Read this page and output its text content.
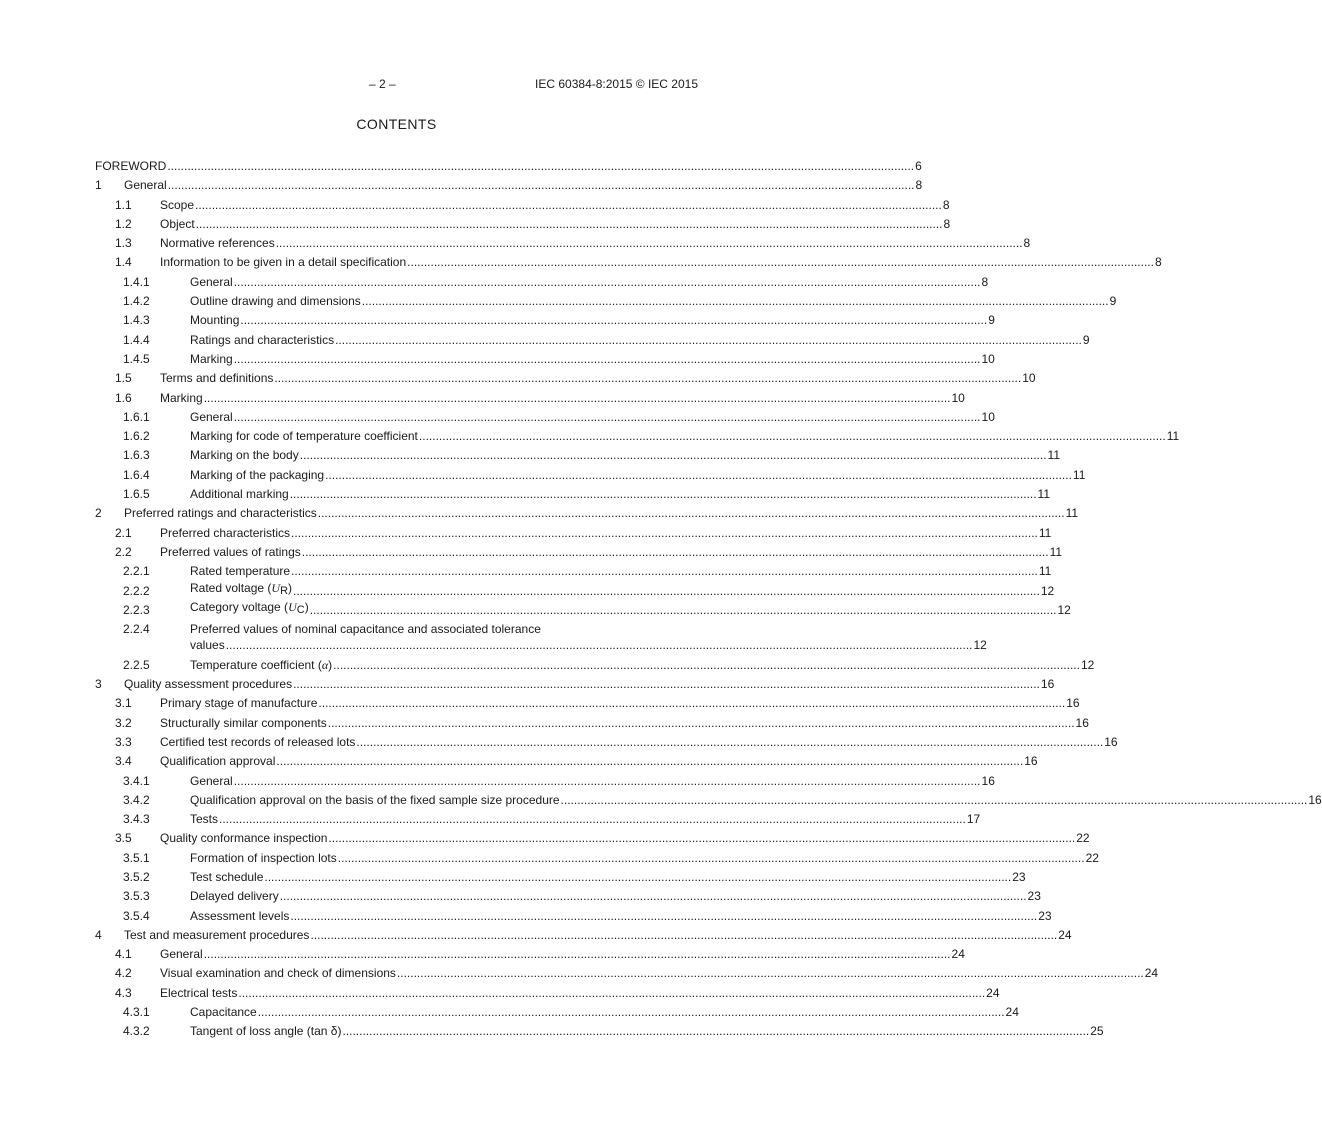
– 2 –	IEC 60384-8:2015 © IEC 2015
CONTENTS
FOREWORD .....	6
1	General .....	8
1.1	Scope .....	8
1.2	Object .....	8
1.3	Normative references .....	8
1.4	Information to be given in a detail specification .....	8
1.4.1	General .....	8
1.4.2	Outline drawing and dimensions .....	9
1.4.3	Mounting .....	9
1.4.4	Ratings and characteristics .....	9
1.4.5	Marking .....	10
1.5	Terms and definitions .....	10
1.6	Marking .....	10
1.6.1	General .....	10
1.6.2	Marking for code of temperature coefficient .....	11
1.6.3	Marking on the body .....	11
1.6.4	Marking of the packaging .....	11
1.6.5	Additional marking .....	11
2	Preferred ratings and characteristics .....	11
2.1	Preferred characteristics .....	11
2.2	Preferred values of ratings .....	11
2.2.1	Rated temperature .....	11
2.2.2	Rated voltage $(U_R)$ .....	12
2.2.3	Category voltage $(U_C)$ .....	12
2.2.4	Preferred values of nominal capacitance and associated tolerance
values .....	12
2.2.5	Temperature coefficient (α) .....	12
3	Quality assessment procedures .....	16
3.1	Primary stage of manufacture .....	16
3.2	Structurally similar components .....	16
3.3	Certified test records of released lots .....	16
3.4	Qualification approval .....	16
3.4.1	General .....	16
3.4.2	Qualification approval on the basis of the fixed sample size procedure .....	16
3.4.3	Tests .....	17
3.5	Quality conformance inspection .....	22
3.5.1	Formation of inspection lots .....	22
3.5.2	Test schedule .....	23
3.5.3	Delayed delivery .....	23
3.5.4	Assessment levels .....	23
4	Test and measurement procedures .....	24
4.1	General .....	24
4.2	Visual examination and check of dimensions .....	24
4.3	Electrical tests .....	24
4.3.1	Capacitance .....	24
4.3.2	Tangent of loss angle (tan δ) .....	25
